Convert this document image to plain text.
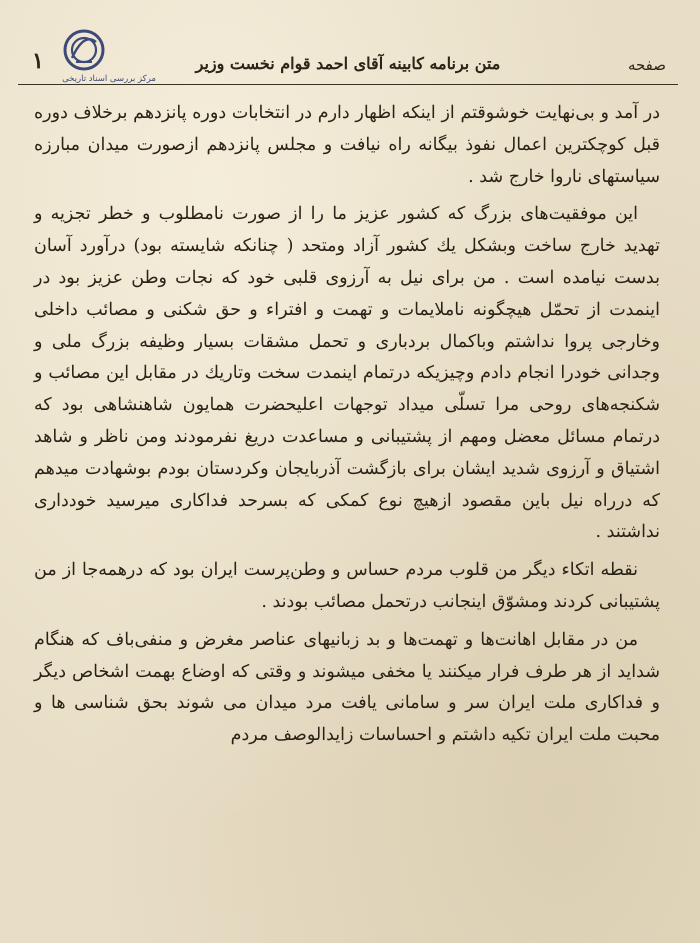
مرکز بررسی اسناد تاریخی
صفحه
متن برنامه کابینه آقای احمد قوام نخست وزیر
۱

در آمد و بی‌نهایت خوشوقتم از اینکه اظهار دارم در انتخابات دوره پانزدهم برخلاف دوره قبل کوچکترین اعمال نفوذ بیگانه راه نیافت و مجلس پانزدهم ازصورت میدان مبارزه سیاستهای ناروا خارج شد .

این موفقیت‌های بزرگ که کشور عزیز ما را از صورت نامطلوب و خطر تجزیه و تهدید خارج ساخت وبشکل یك کشور آزاد ومتحد ( چنانکه شایسته بود) درآورد آسان بدست نیامده است . من برای نیل به آرزوی قلبی خود که نجات وطن عزیز بود در اینمدت از تحمّل هیچگونه ناملایمات و تهمت و افتراء و حق شکنی و مصائب داخلی وخارجی پروا نداشتم وباکمال بردباری و تحمل مشقات بسیار وظیفه بزرگ ملی و وجدانی خودرا انجام دادم وچیزیکه درتمام اینمدت سخت وتاریك در مقابل این مصائب و شکنجه‌های روحی مرا تسلّی میداد توجهات اعلیحضرت همایون شاهنشاهی بود که درتمام مسائل معضل ومهم از پشتیبانی و مساعدت دریغ نفرمودند ومن ناظر و شاهد اشتیاق و آرزوی شدید ایشان برای بازگشت آذربایجان وکردستان بودم بوشهادت میدهم که درراه نیل باین مقصود ازهیچ نوع کمکی که بسرحد فداکاری میرسید خودداری نداشتند .

نقطه اتکاء دیگر من قلوب مردم حساس و وطن‌پرست ایران بود که درهمه‌جا از من پشتیبانی کردند ومشوّق اینجانب درتحمل مصائب بودند .

من در مقابل اهانت‌ها و تهمت‌ها و بد زبانیهای عناصر مغرض و منفی‌باف که هنگام شداید از هر طرف فرار میکنند یا مخفی میشوند و وقتی که اوضاع بهمت اشخاص دیگر و فداکاری ملت ایران سر و سامانی یافت مرد میدان می شوند بحق شناسی ها و محبت ملت ایران تکیه داشتم و احساسات زایدالوصف مردم
